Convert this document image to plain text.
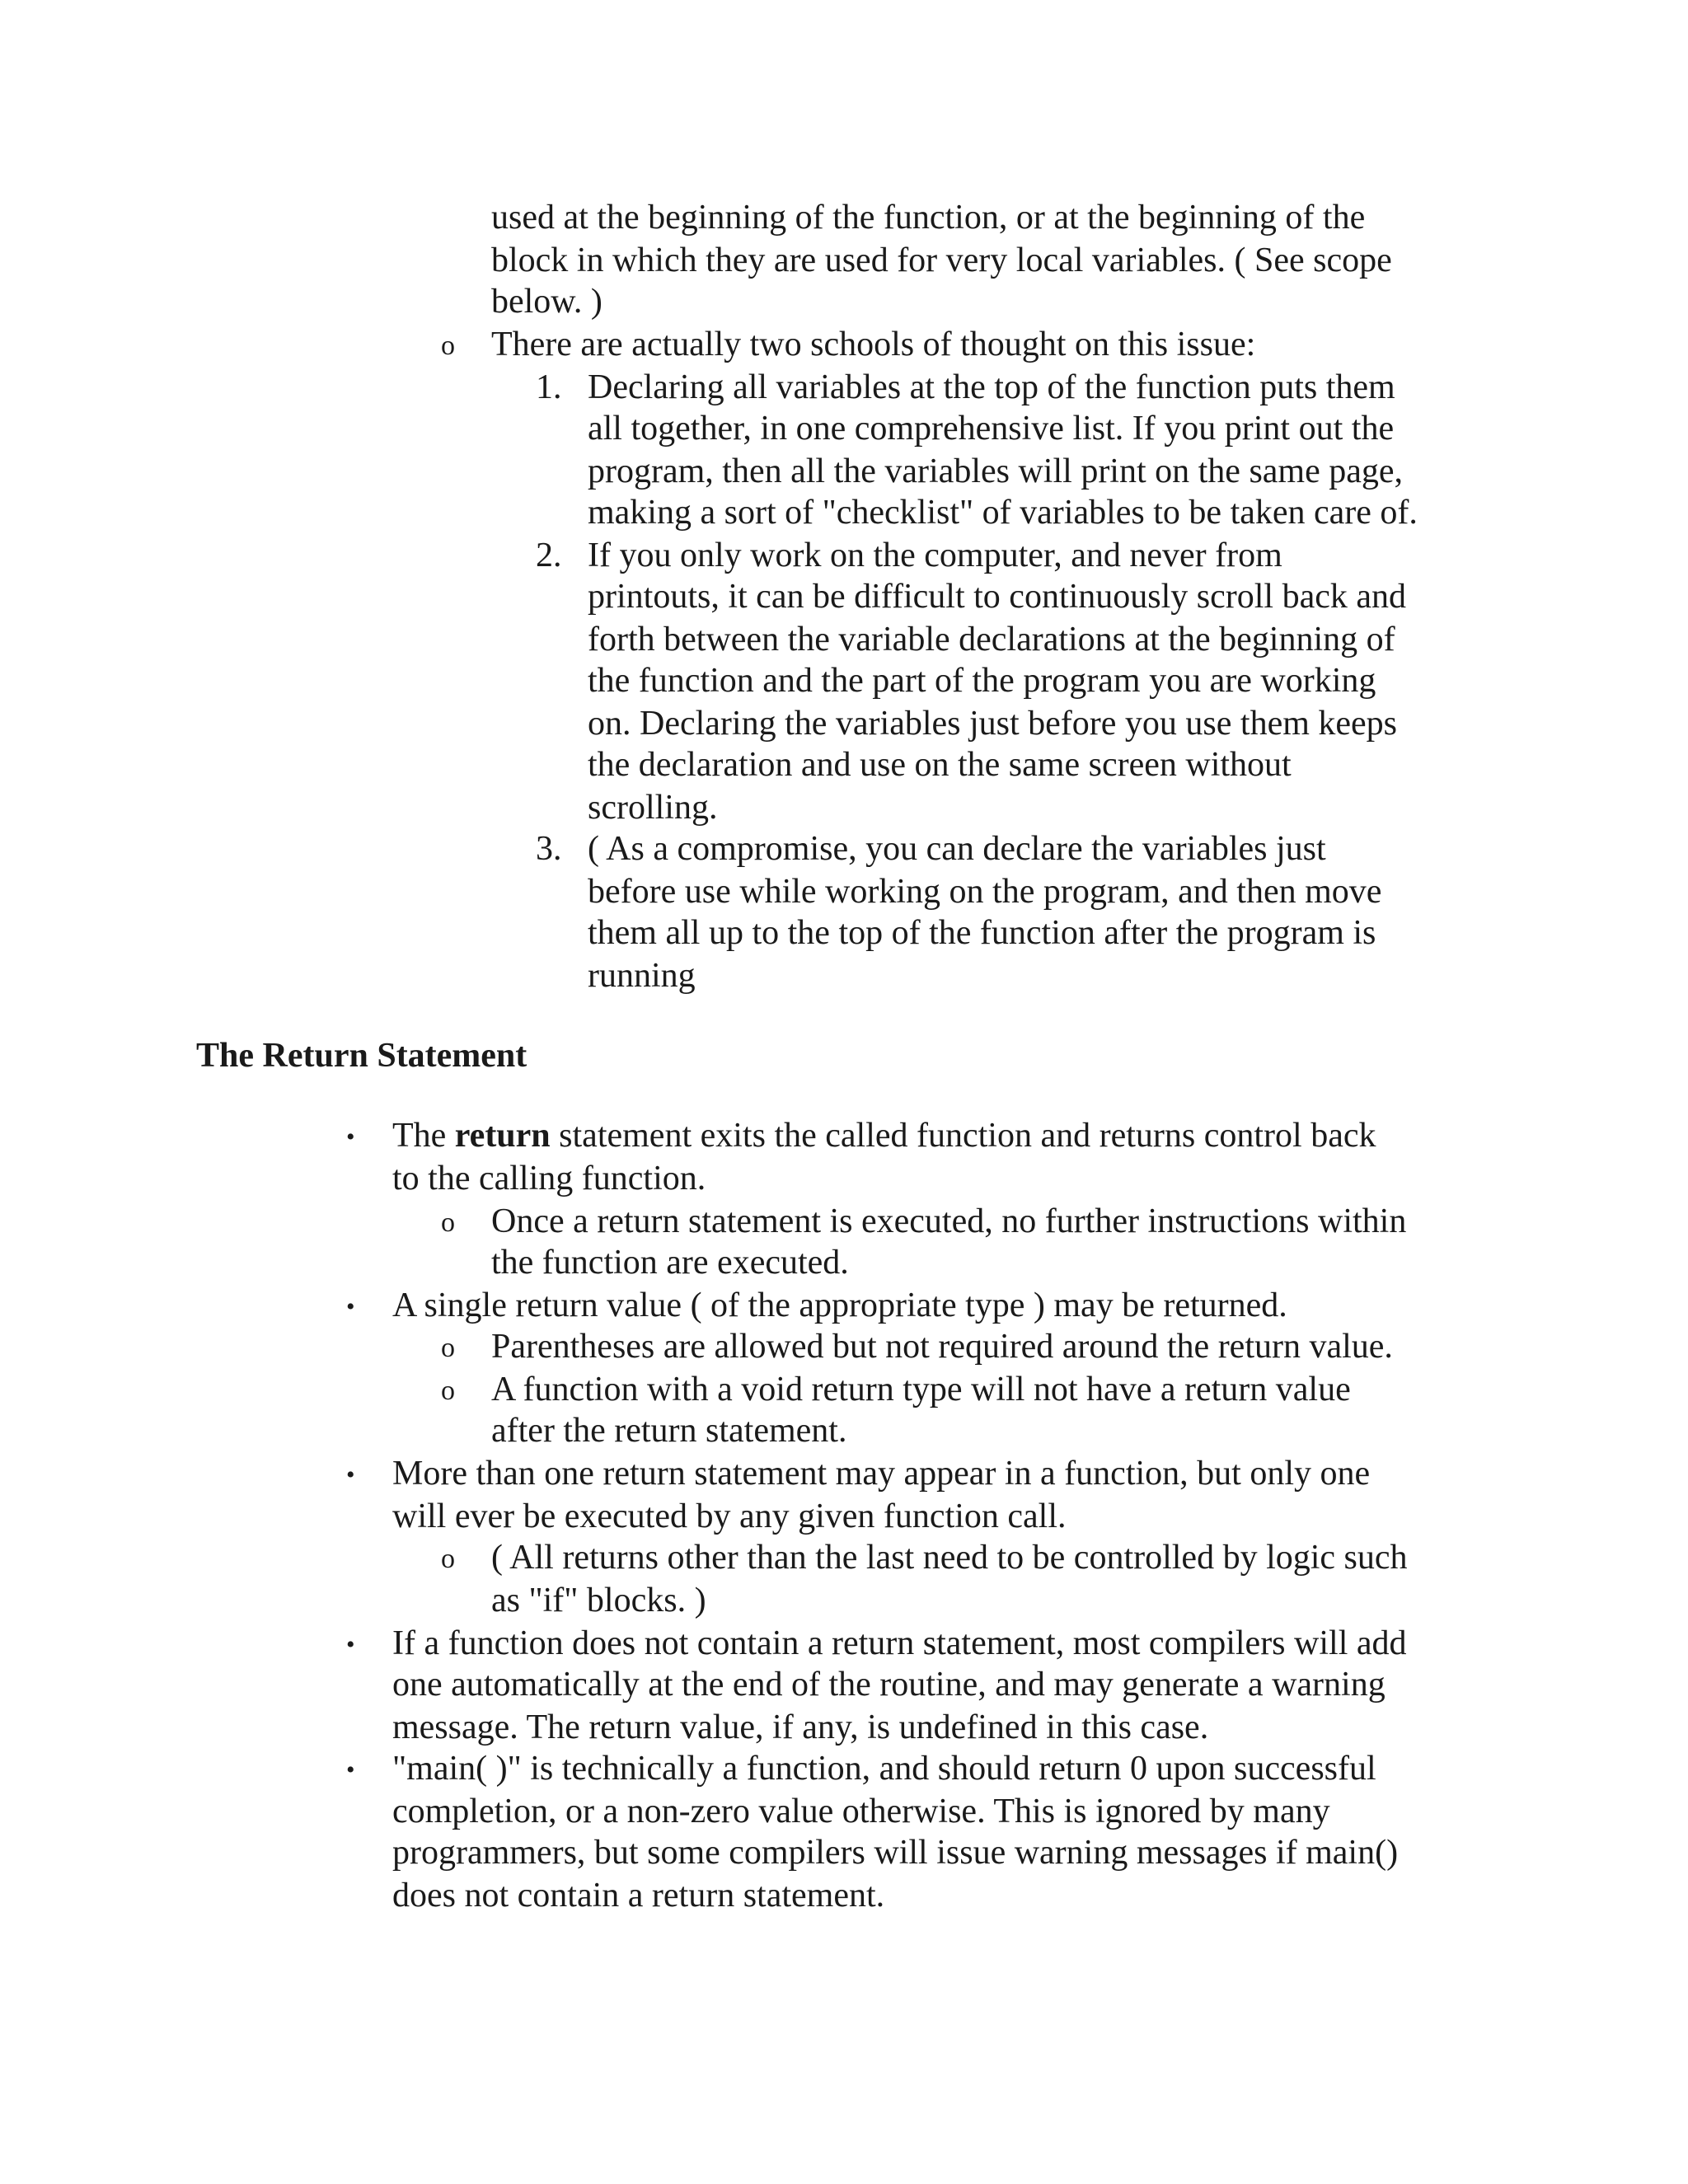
used at the beginning of the function, or at the beginning of the
block in which they are used for very local variables. ( See scope
below. )
o There are actually two schools of thought on this issue:
1. Declaring all variables at the top of the function puts them
all together, in one comprehensive list. If you print out the
program, then all the variables will print on the same page,
making a sort of "checklist" of variables to be taken care of.
2. If you only work on the computer, and never from
printouts, it can be difficult to continuously scroll back and
forth between the variable declarations at the beginning of
the function and the part of the program you are working
on. Declaring the variables just before you use them keeps
the declaration and use on the same screen without
scrolling.
3. ( As a compromise, you can declare the variables just
before use while working on the program, and then move
them all up to the top of the function after the program is
running
The Return Statement
• The return statement exits the called function and returns control back
to the calling function.
o Once a return statement is executed, no further instructions within
the function are executed.
• A single return value ( of the appropriate type ) may be returned.
o Parentheses are allowed but not required around the return value.
o A function with a void return type will not have a return value
after the return statement.
• More than one return statement may appear in a function, but only one
will ever be executed by any given function call.
o ( All returns other than the last need to be controlled by logic such
as "if" blocks. )
• If a function does not contain a return statement, most compilers will add
one automatically at the end of the routine, and may generate a warning
message. The return value, if any, is undefined in this case.
• "main( )" is technically a function, and should return 0 upon successful
completion, or a non-zero value otherwise. This is ignored by many
programmers, but some compilers will issue warning messages if main()
does not contain a return statement.
